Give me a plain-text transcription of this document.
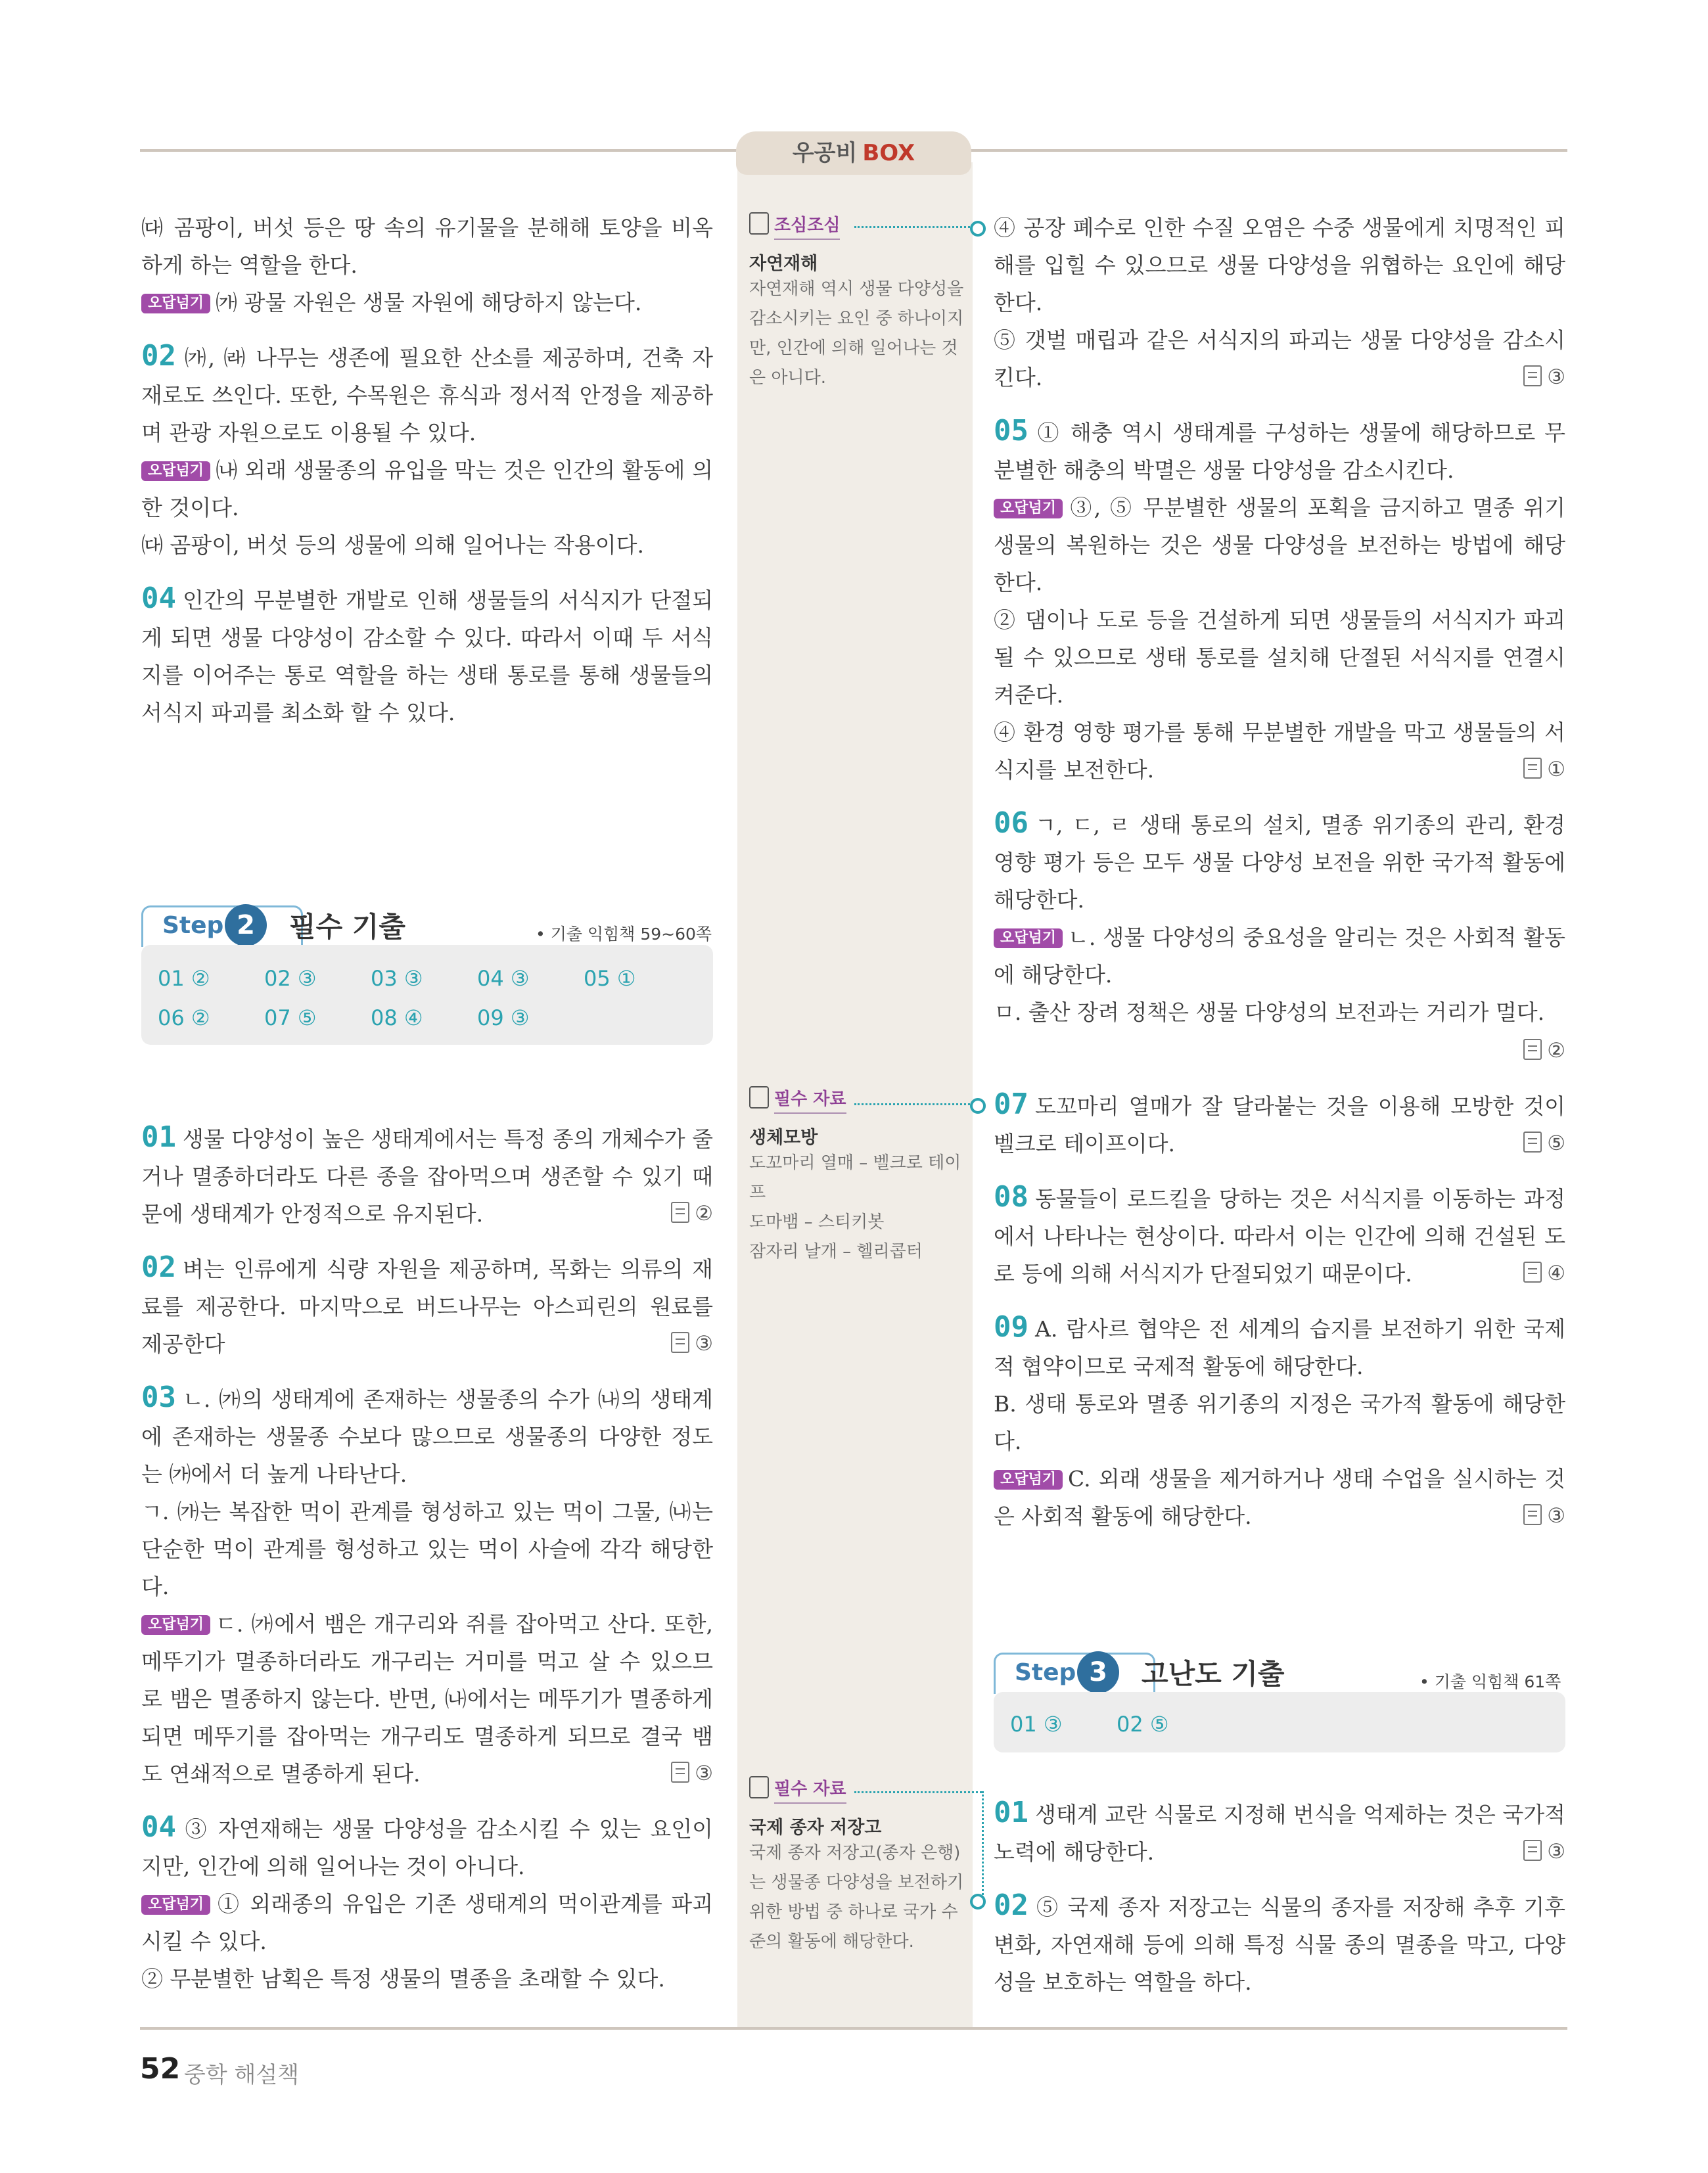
우공비 BOX

㈐ 곰팡이, 버섯 등은 땅 속의 유기물을 분해해 토양을 비옥하게 하는 역할을 한다.

오답넘기 ㈎ 광물 자원은 생물 자원에 해당하지 않는다.

02 ㈎, ㈑ 나무는 생존에 필요한 산소를 제공하며, 건축 자재로도 쓰인다. 또한, 수목원은 휴식과 정서적 안정을 제공하며 관광 자원으로도 이용될 수 있다.

오답넘기 ㈏ 외래 생물종의 유입을 막는 것은 인간의 활동에 의한 것이다.

㈐ 곰팡이, 버섯 등의 생물에 의해 일어나는 작용이다.

04 인간의 무분별한 개발로 인해 생물들의 서식지가 단절되게 되면 생물 다양성이 감소할 수 있다. 따라서 이때 두 서식지를 이어주는 통로 역할을 하는 생태 통로를 통해 생물들의 서식지 파괴를 최소화 할 수 있다.

Step 2	필수 기출	• 기출 익힘책 59~60쪽
01 ②	02 ③	03 ③	04 ③	05 ①
06 ②	07 ⑤	08 ④	09 ③

01 생물 다양성이 높은 생태계에서는 특정 종의 개체수가 줄거나 멸종하더라도 다른 종을 잡아먹으며 생존할 수 있기 때문에 생태계가 안정적으로 유지된다.	②

02 벼는 인류에게 식량 자원을 제공하며, 목화는 의류의 재료를 제공한다. 마지막으로 버드나무는 아스피린의 원료를 제공한다	③

03 ㄴ. ㈎의 생태계에 존재하는 생물종의 수가 ㈏의 생태계에 존재하는 생물종 수보다 많으므로 생물종의 다양한 정도는 ㈎에서 더 높게 나타난다.

ㄱ. ㈎는 복잡한 먹이 관계를 형성하고 있는 먹이 그물, ㈏는 단순한 먹이 관계를 형성하고 있는 먹이 사슬에 각각 해당한다.

오답넘기 ㄷ. ㈎에서 뱀은 개구리와 쥐를 잡아먹고 산다. 또한, 메뚜기가 멸종하더라도 개구리는 거미를 먹고 살 수 있으므로 뱀은 멸종하지 않는다. 반면, ㈏에서는 메뚜기가 멸종하게 되면 메뚜기를 잡아먹는 개구리도 멸종하게 되므로 결국 뱀도 연쇄적으로 멸종하게 된다.	③

04 ③ 자연재해는 생물 다양성을 감소시킬 수 있는 요인이지만, 인간에 의해 일어나는 것이 아니다.

오답넘기 ① 외래종의 유입은 기존 생태계의 먹이관계를 파괴시킬 수 있다.

② 무분별한 남획은 특정 생물의 멸종을 초래할 수 있다.

조심조심
자연재해
자연재해 역시 생물 다양성을 감소시키는 요인 중 하나이지만, 인간에 의해 일어나는 것은 아니다.
필수 자료
생체모방
도꼬마리 열매 – 벨크로 테이프
도마뱀 – 스티키봇
잠자리 날개 – 헬리콥터
필수 자료
국제 종자 저장고
국제 종자 저장고(종자 은행)는 생물종 다양성을 보전하기 위한 방법 중 하나로 국가 수준의 활동에 해당한다.

④ 공장 폐수로 인한 수질 오염은 수중 생물에게 치명적인 피해를 입힐 수 있으므로 생물 다양성을 위협하는 요인에 해당한다.

⑤ 갯벌 매립과 같은 서식지의 파괴는 생물 다양성을 감소시킨다.	③

05 ① 해충 역시 생태계를 구성하는 생물에 해당하므로 무분별한 해충의 박멸은 생물 다양성을 감소시킨다.

오답넘기 ③, ⑤ 무분별한 생물의 포획을 금지하고 멸종 위기 생물의 복원하는 것은 생물 다양성을 보전하는 방법에 해당한다.

② 댐이나 도로 등을 건설하게 되면 생물들의 서식지가 파괴될 수 있으므로 생태 통로를 설치해 단절된 서식지를 연결시켜준다.

④ 환경 영향 평가를 통해 무분별한 개발을 막고 생물들의 서식지를 보전한다.	①

06 ㄱ, ㄷ, ㄹ 생태 통로의 설치, 멸종 위기종의 관리, 환경 영향 평가 등은 모두 생물 다양성 보전을 위한 국가적 활동에 해당한다.

오답넘기 ㄴ. 생물 다양성의 중요성을 알리는 것은 사회적 활동에 해당한다.

ㅁ. 출산 장려 정책은 생물 다양성의 보전과는 거리가 멀다.

②

07 도꼬마리 열매가 잘 달라붙는 것을 이용해 모방한 것이 벨크로 테이프이다.	⑤

08 동물들이 로드킬을 당하는 것은 서식지를 이동하는 과정에서 나타나는 현상이다. 따라서 이는 인간에 의해 건설된 도로 등에 의해 서식지가 단절되었기 때문이다.	④

09 A. 람사르 협약은 전 세계의 습지를 보전하기 위한 국제적 협약이므로 국제적 활동에 해당한다.

B. 생태 통로와 멸종 위기종의 지정은 국가적 활동에 해당한다.

오답넘기 C. 외래 생물을 제거하거나 생태 수업을 실시하는 것은 사회적 활동에 해당한다.	③

Step 3	고난도 기출	• 기출 익힘책 61쪽
01 ③	02 ⑤

01 생태계 교란 식물로 지정해 번식을 억제하는 것은 국가적 노력에 해당한다.	③

02 ⑤ 국제 종자 저장고는 식물의 종자를 저장해 추후 기후변화, 자연재해 등에 의해 특정 식물 종의 멸종을 막고, 다양성을 보호하는 역할을 하다.

52 중학 해설책
